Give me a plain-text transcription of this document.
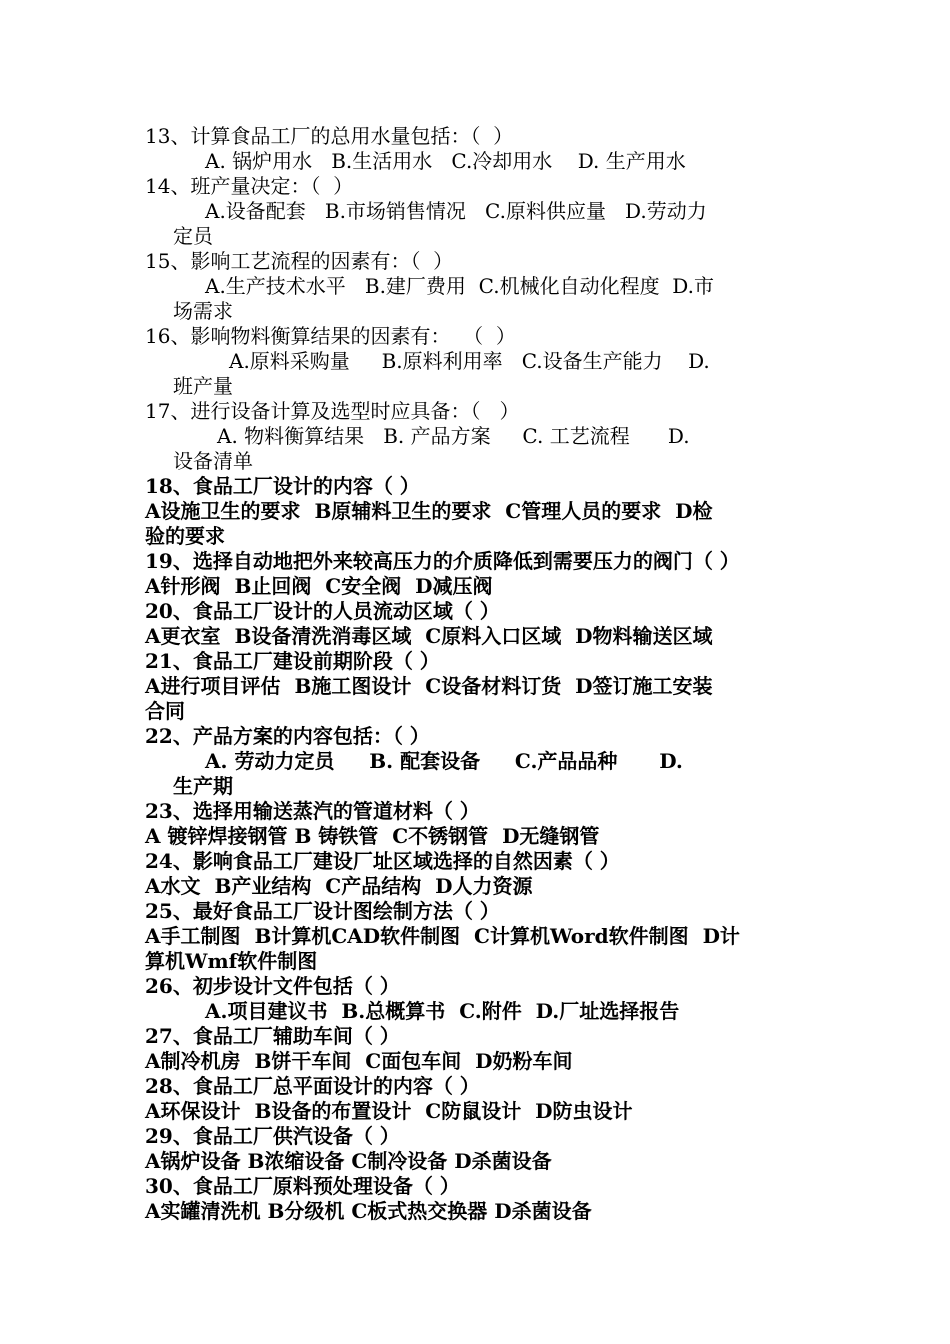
13、计算食品工厂的总用水量包括：（  ）
A. 锅炉用水   B.生活用水   C.冷却用水    D. 生产用水
14、班产量决定：（  ）
A.设备配套   B.市场销售情况   C.原料供应量   D.劳动力
定员
15、影响工艺流程的因素有：（  ）
A.生产技术水平   B.建厂费用  C.机械化自动化程度  D.市
场需求
16、影响物料衡算结果的因素有：  （  ）
A.原料采购量     B.原料利用率   C.设备生产能力    D.
班产量
17、进行设备计算及选型时应具备：（   ）
A. 物料衡算结果   B. 产品方案     C. 工艺流程      D.
设备清单
18、食品工厂设计的内容（ ）
A设施卫生的要求  B原辅料卫生的要求  C管理人员的要求  D检
验的要求
19、选择自动地把外来较高压力的介质降低到需要压力的阀门（ ）
A针形阀  B止回阀  C安全阀  D减压阀
20、食品工厂设计的人员流动区域（ ）
A更衣室  B设备清洗消毒区域  C原料入口区域  D物料输送区域
21、食品工厂建设前期阶段（ ）
A进行项目评估  B施工图设计  C设备材料订货  D签订施工安装
合同
22、产品方案的内容包括：（ ）
A. 劳动力定员     B. 配套设备     C.产品品种      D.
生产期
23、选择用输送蒸汽的管道材料（ ）
A 镀锌焊接钢管 B 铸铁管  C不锈钢管  D无缝钢管
24、影响食品工厂建设厂址区域选择的自然因素（ ）
A水文  B产业结构  C产品结构  D人力资源
25、最好食品工厂设计图绘制方法（ ）
A手工制图  B计算机CAD软件制图  C计算机Word软件制图  D计
算机Wmf软件制图
26、初步设计文件包括（ ）
A.项目建议书  B.总概算书  C.附件  D.厂址选择报告
27、食品工厂辅助车间（ ）
A制冷机房  B饼干车间  C面包车间  D奶粉车间
28、食品工厂总平面设计的内容（ ）
A环保设计  B设备的布置设计  C防鼠设计  D防虫设计
29、食品工厂供汽设备（ ）
A锅炉设备 B浓缩设备 C制冷设备 D杀菌设备
30、食品工厂原料预处理设备（ ）
A实罐清洗机 B分级机 C板式热交换器 D杀菌设备
